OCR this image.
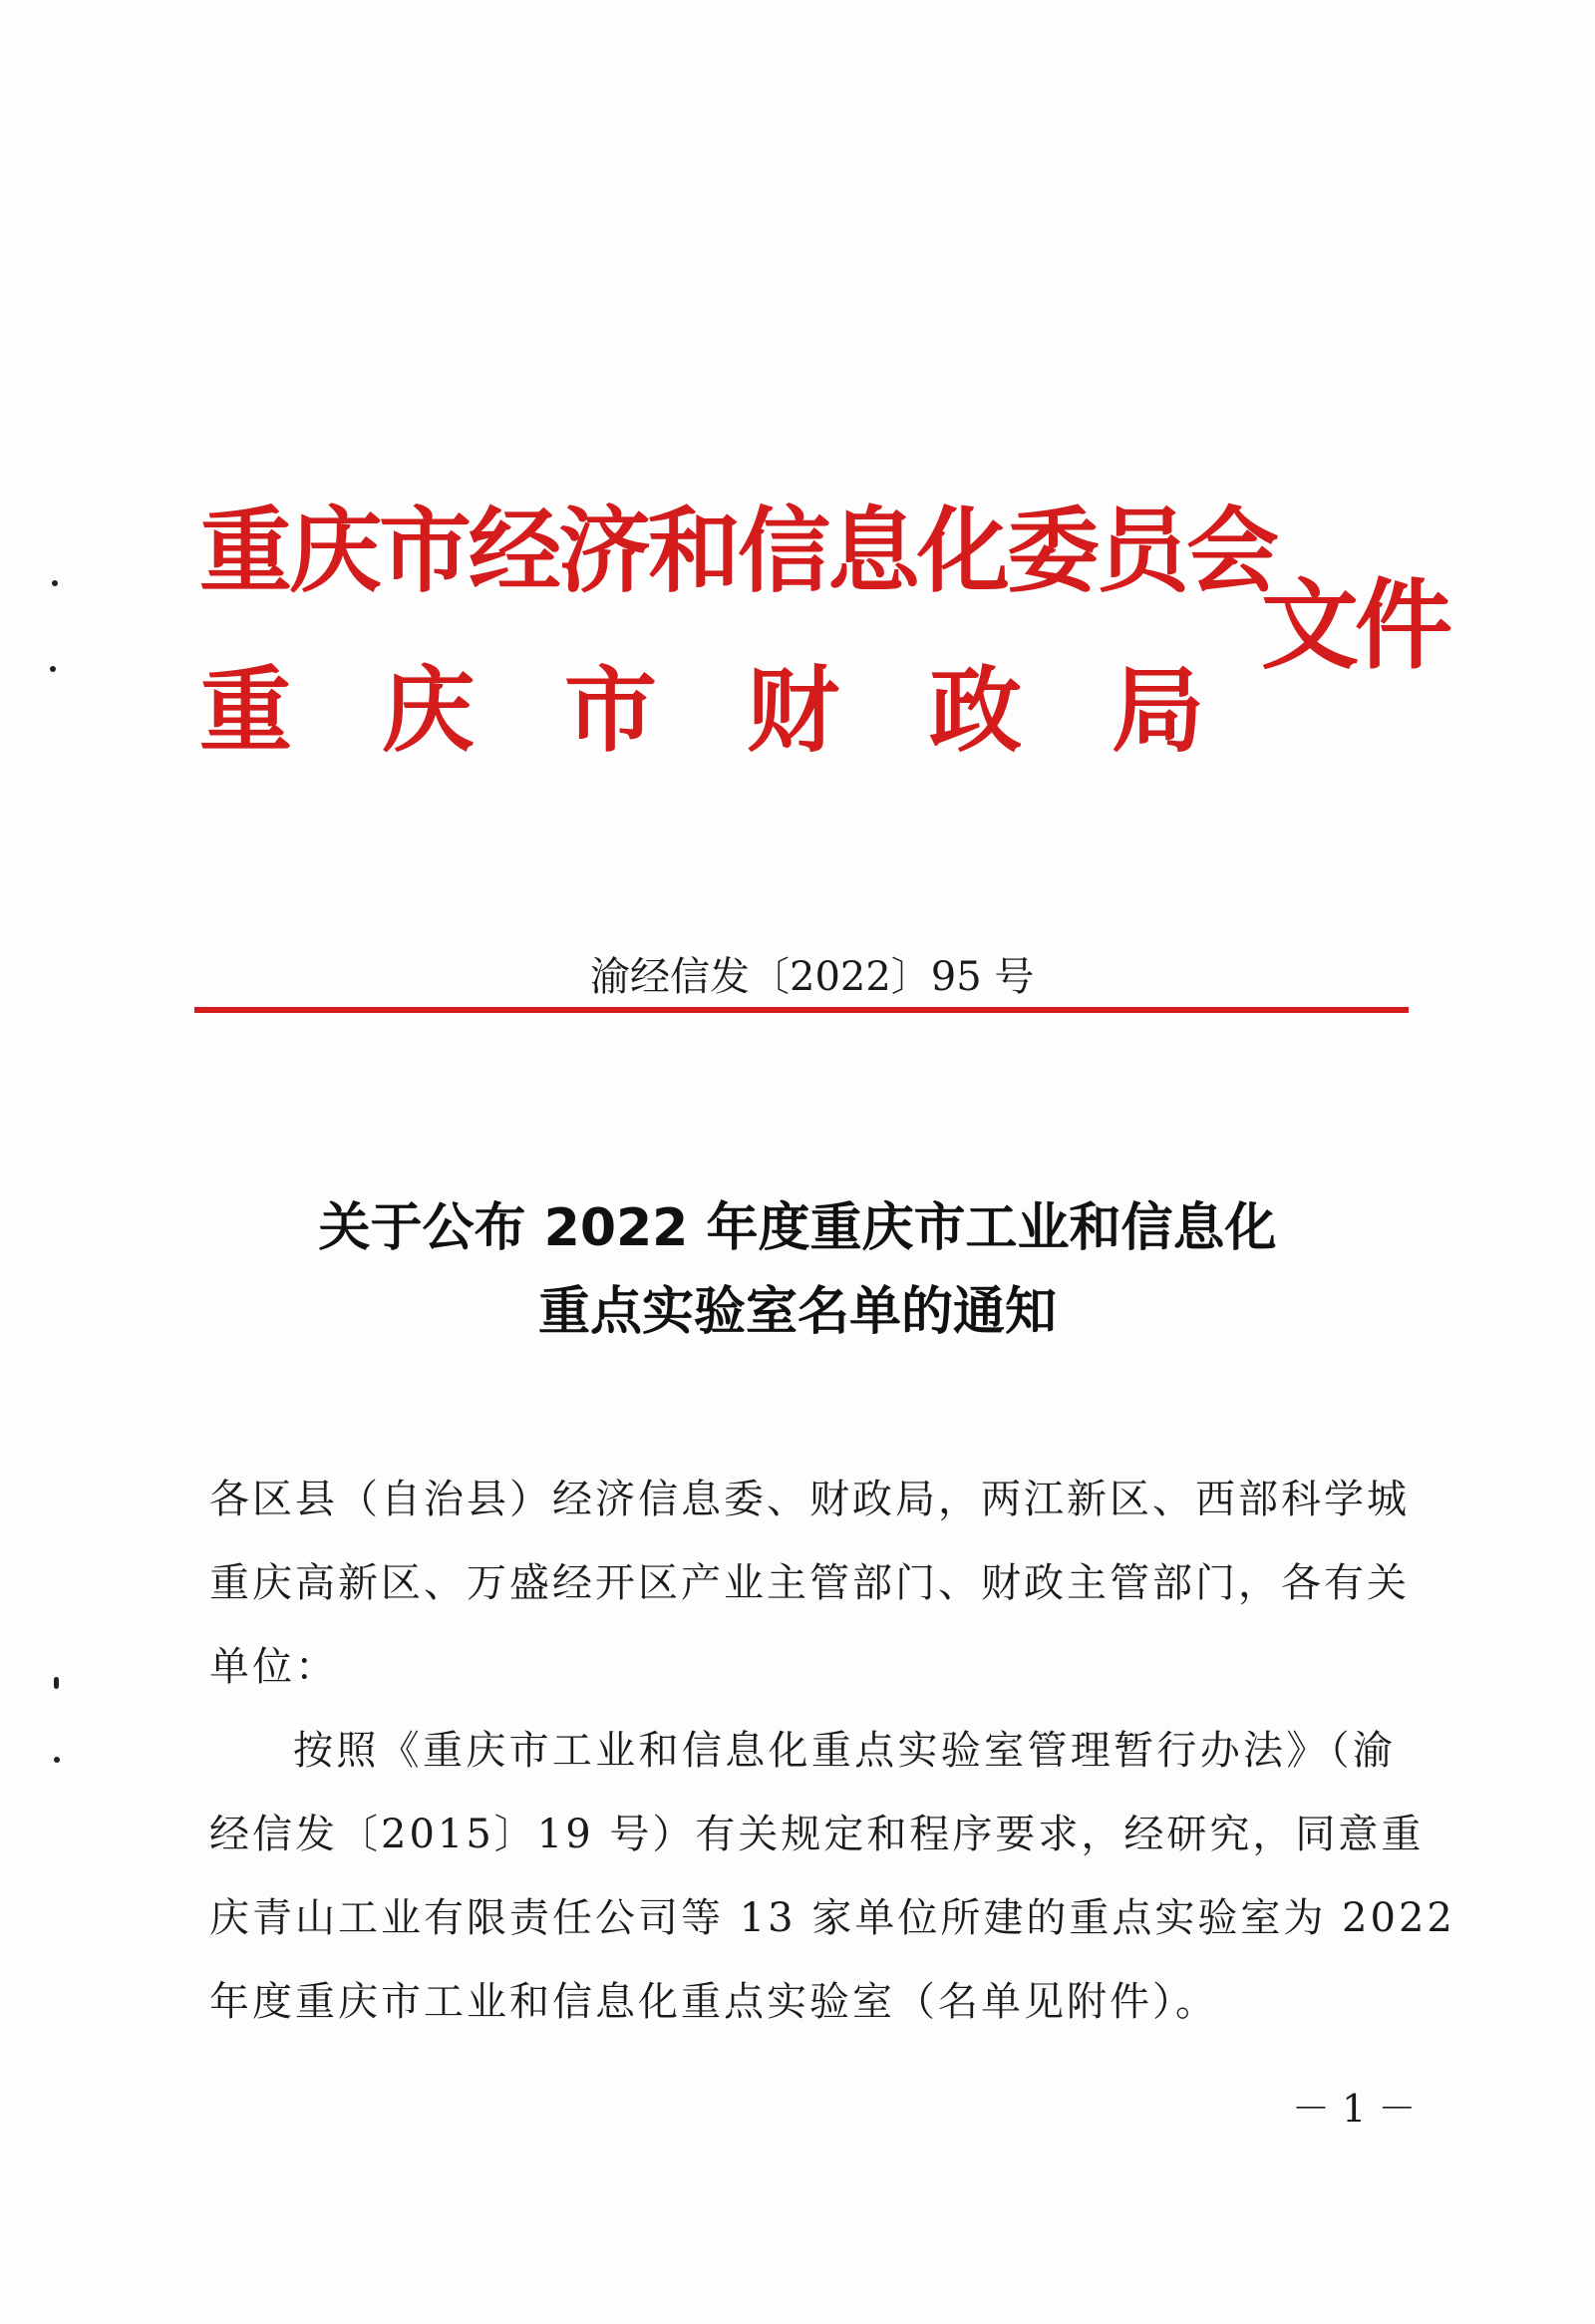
重庆市经济和信息化委员会
重庆市财政局
文件
渝经信发〔2022〕95 号
关于公布 2022 年度重庆市工业和信息化
重点实验室名单的通知
各区县（自治县）经济信息委、财政局，两江新区、西部科学城
重庆高新区、万盛经开区产业主管部门、财政主管部门，各有关
单位：
按照《重庆市工业和信息化重点实验室管理暂行办法》（渝
经信发〔2015〕19 号）有关规定和程序要求，经研究，同意重
庆青山工业有限责任公司等 13 家单位所建的重点实验室为 2022
年度重庆市工业和信息化重点实验室（名单见附件）。
－ 1 －
